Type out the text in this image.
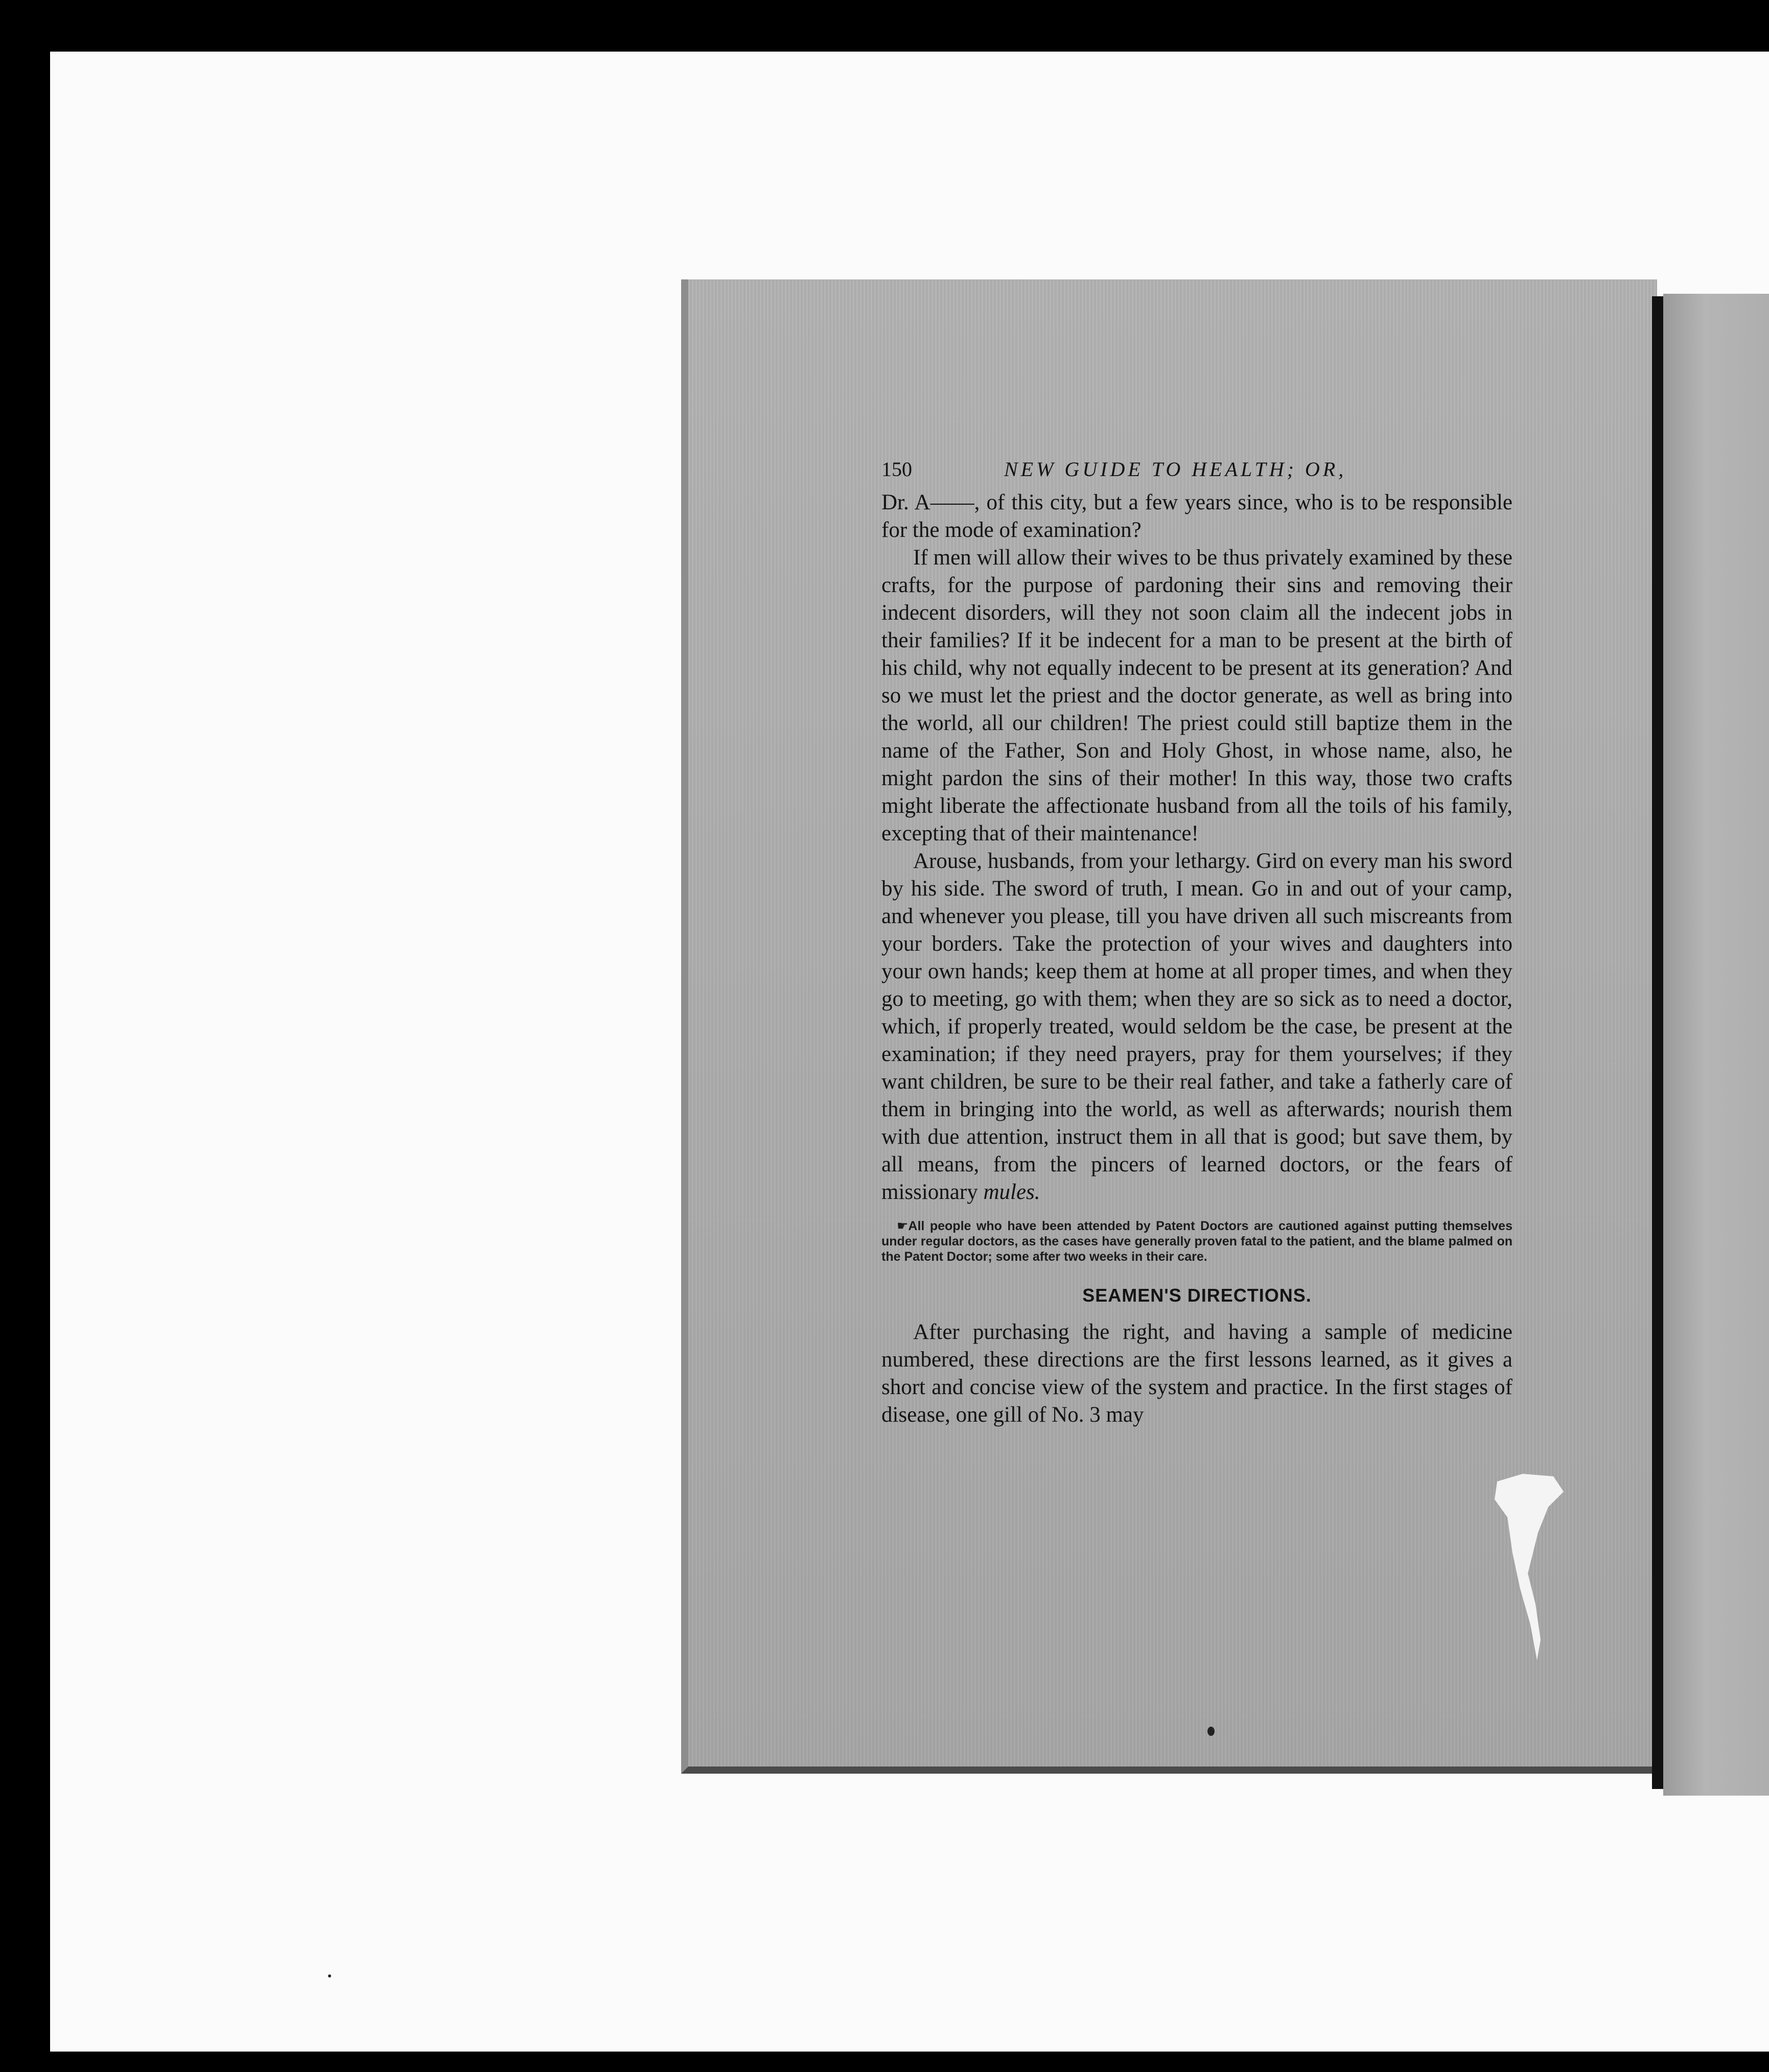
150	NEW GUIDE TO HEALTH; OR,

Dr. A——, of this city, but a few years since, who is to be responsible for the mode of examination?

If men will allow their wives to be thus privately examined by these crafts, for the purpose of pardoning their sins and removing their indecent disorders, will they not soon claim all the indecent jobs in their families? If it be indecent for a man to be present at the birth of his child, why not equally indecent to be present at its generation? And so we must let the priest and the doctor generate, as well as bring into the world, all our children! The priest could still baptize them in the name of the Father, Son and Holy Ghost, in whose name, also, he might pardon the sins of their mother! In this way, those two crafts might liberate the affectionate husband from all the toils of his family, excepting that of their maintenance!

Arouse, husbands, from your lethargy. Gird on every man his sword by his side. The sword of truth, I mean. Go in and out of your camp, and whenever you please, till you have driven all such miscreants from your borders. Take the protection of your wives and daughters into your own hands; keep them at home at all proper times, and when they go to meeting, go with them; when they are so sick as to need a doctor, which, if properly treated, would seldom be the case, be present at the examination; if they need prayers, pray for them yourselves; if they want children, be sure to be their real father, and take a fatherly care of them in bringing into the world, as well as afterwards; nourish them with due attention, instruct them in all that is good; but save them, by all means, from the pincers of learned doctors, or the fears of missionary mules.

☛All people who have been attended by Patent Doctors are cautioned against putting themselves under regular doctors, as the cases have generally proven fatal to the patient, and the blame palmed on the Patent Doctor; some after two weeks in their care.

SEAMEN'S DIRECTIONS.

After purchasing the right, and having a sample of medicine numbered, these directions are the first lessons learned, as it gives a short and concise view of the system and practice. In the first stages of disease, one gill of No. 3 may
